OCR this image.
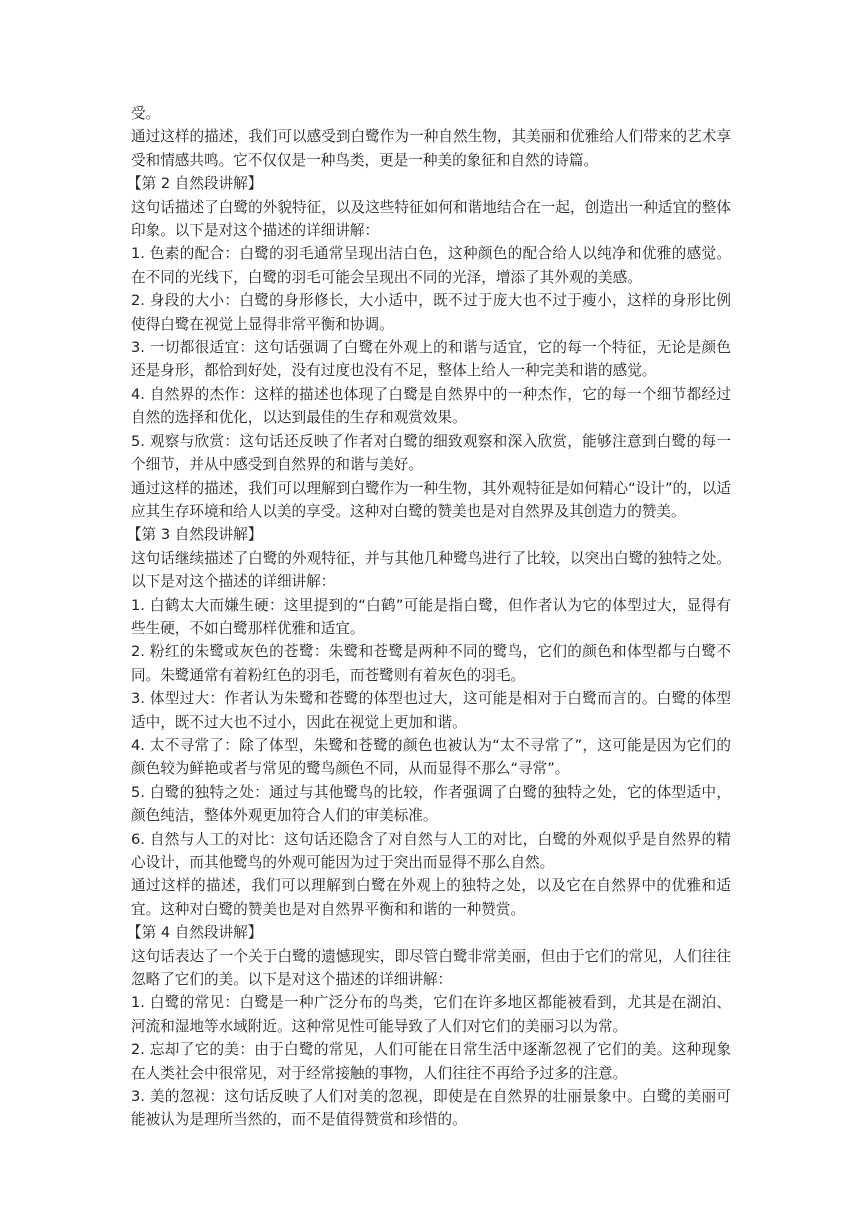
受。

通过这样的描述，我们可以感受到白鹭作为一种自然生物，其美丽和优雅给人们带来的艺术享受和情感共鸣。它不仅仅是一种鸟类，更是一种美的象征和自然的诗篇。

【第 2 自然段讲解】

这句话描述了白鹭的外貌特征，以及这些特征如何和谐地结合在一起，创造出一种适宜的整体印象。以下是对这个描述的详细讲解：

1. 色素的配合：白鹭的羽毛通常呈现出洁白色，这种颜色的配合给人以纯净和优雅的感觉。在不同的光线下，白鹭的羽毛可能会呈现出不同的光泽，增添了其外观的美感。

2. 身段的大小：白鹭的身形修长，大小适中，既不过于庞大也不过于瘦小，这样的身形比例使得白鹭在视觉上显得非常平衡和协调。

3. 一切都很适宜：这句话强调了白鹭在外观上的和谐与适宜，它的每一个特征，无论是颜色还是身形，都恰到好处，没有过度也没有不足，整体上给人一种完美和谐的感觉。

4. 自然界的杰作：这样的描述也体现了白鹭是自然界中的一种杰作，它的每一个细节都经过自然的选择和优化，以达到最佳的生存和观赏效果。

5. 观察与欣赏：这句话还反映了作者对白鹭的细致观察和深入欣赏，能够注意到白鹭的每一个细节，并从中感受到自然界的和谐与美好。

通过这样的描述，我们可以理解到白鹭作为一种生物，其外观特征是如何精心“设计”的，以适应其生存环境和给人以美的享受。这种对白鹭的赞美也是对自然界及其创造力的赞美。

【第 3 自然段讲解】

这句话继续描述了白鹭的外观特征，并与其他几种鹭鸟进行了比较，以突出白鹭的独特之处。以下是对这个描述的详细讲解：

1. 白鹤太大而嫌生硬：这里提到的“白鹤”可能是指白鹭，但作者认为它的体型过大，显得有些生硬，不如白鹭那样优雅和适宜。

2. 粉红的朱鹭或灰色的苍鹭：朱鹭和苍鹭是两种不同的鹭鸟，它们的颜色和体型都与白鹭不同。朱鹭通常有着粉红色的羽毛，而苍鹭则有着灰色的羽毛。

3. 体型过大：作者认为朱鹭和苍鹭的体型也过大，这可能是相对于白鹭而言的。白鹭的体型适中，既不过大也不过小，因此在视觉上更加和谐。

4. 太不寻常了：除了体型，朱鹭和苍鹭的颜色也被认为“太不寻常了”，这可能是因为它们的颜色较为鲜艳或者与常见的鹭鸟颜色不同，从而显得不那么“寻常”。

5. 白鹭的独特之处：通过与其他鹭鸟的比较，作者强调了白鹭的独特之处，它的体型适中，颜色纯洁，整体外观更加符合人们的审美标准。

6. 自然与人工的对比：这句话还隐含了对自然与人工的对比，白鹭的外观似乎是自然界的精心设计，而其他鹭鸟的外观可能因为过于突出而显得不那么自然。

通过这样的描述，我们可以理解到白鹭在外观上的独特之处，以及它在自然界中的优雅和适宜。这种对白鹭的赞美也是对自然界平衡和和谐的一种赞赏。

【第 4 自然段讲解】

这句话表达了一个关于白鹭的遗憾现实，即尽管白鹭非常美丽，但由于它们的常见，人们往往忽略了它们的美。以下是对这个描述的详细讲解：

1. 白鹭的常见：白鹭是一种广泛分布的鸟类，它们在许多地区都能被看到，尤其是在湖泊、河流和湿地等水域附近。这种常见性可能导致了人们对它们的美丽习以为常。

2. 忘却了它的美：由于白鹭的常见，人们可能在日常生活中逐渐忽视了它们的美。这种现象在人类社会中很常见，对于经常接触的事物，人们往往不再给予过多的注意。

3. 美的忽视：这句话反映了人们对美的忽视，即使是在自然界的壮丽景象中。白鹭的美丽可能被认为是理所当然的，而不是值得赞赏和珍惜的。
